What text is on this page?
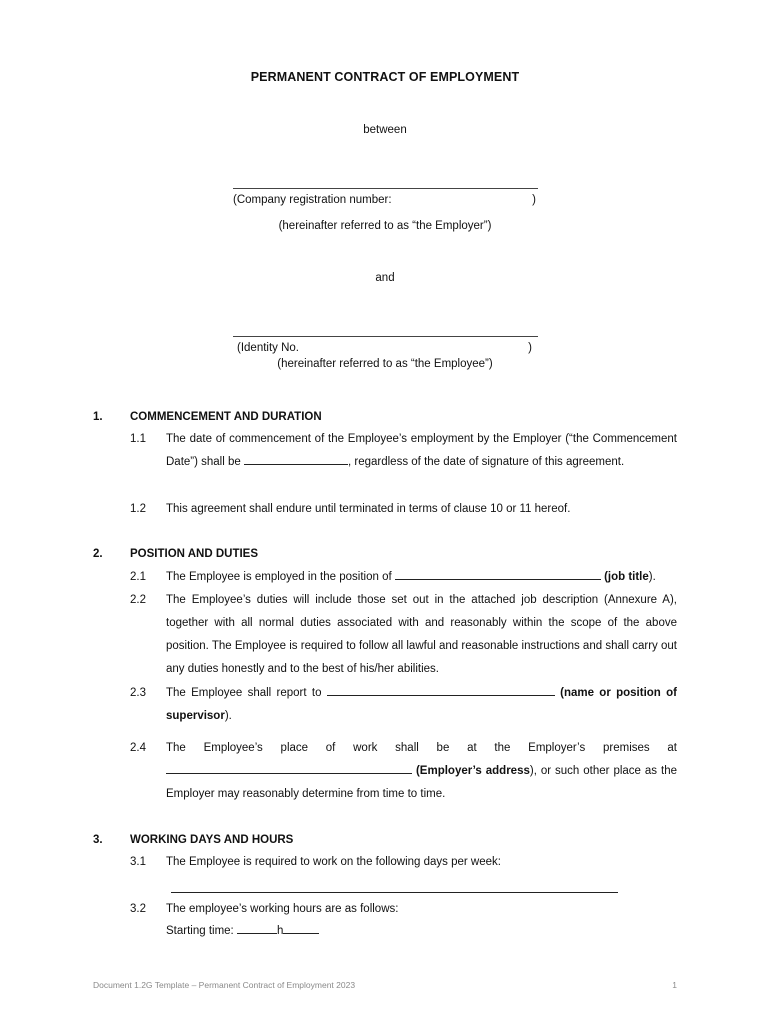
PERMANENT CONTRACT OF EMPLOYMENT
between
(Company registration number:	)
(hereinafter referred to as “the Employer”)
and
(Identity No.	)
(hereinafter referred to as “the Employee”)
1. COMMENCEMENT AND DURATION
1.1 The date of commencement of the Employee’s employment by the Employer (“the Commencement Date”) shall be	, regardless of the date of signature of this agreement.
1.2 This agreement shall endure until terminated in terms of clause 10 or 11 hereof.
2. POSITION AND DUTIES
2.1 The Employee is employed in the position of	(job title).
2.2 The Employee’s duties will include those set out in the attached job description (Annexure A), together with all normal duties associated with and reasonably within the scope of the above position. The Employee is required to follow all lawful and reasonable instructions and shall carry out any duties honestly and to the best of his/her abilities.
2.3 The Employee shall report to	(name or position of supervisor).
2.4 The Employee’s place of work shall be at the Employer’s premises at  (Employer’s address), or such other place as the Employer may reasonably determine from time to time.
3. WORKING DAYS AND HOURS
3.1 The Employee is required to work on the following days per week:
3.2 The employee’s working hours are as follows:
Starting time:	h
Document 1.2G Template – Permanent Contract of Employment 2023	1
